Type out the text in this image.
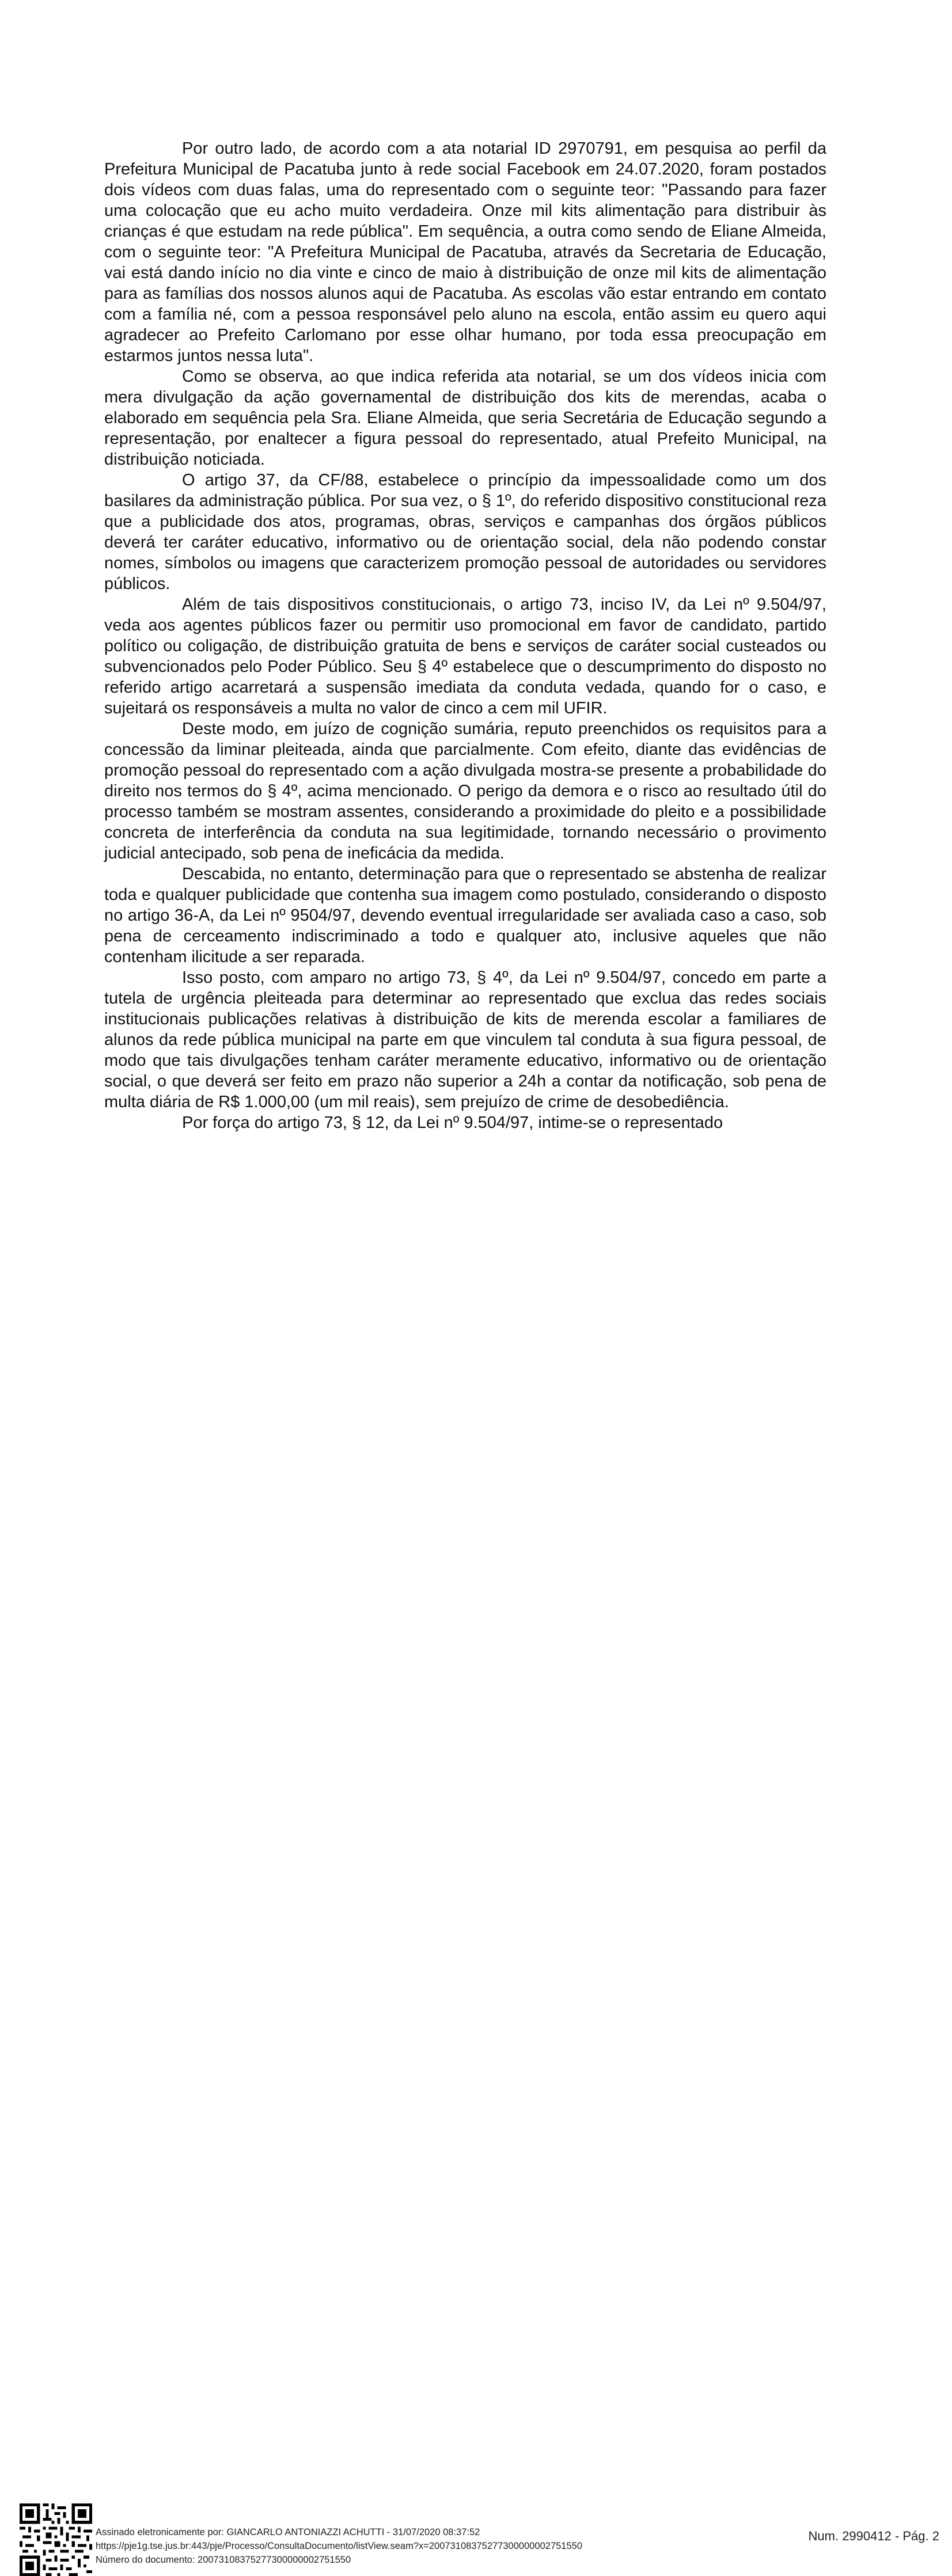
Por outro lado, de acordo com a ata notarial ID 2970791, em pesquisa ao perfil da Prefeitura Municipal de Pacatuba junto à rede social Facebook em 24.07.2020, foram postados dois vídeos com duas falas, uma do representado com o seguinte teor: "Passando para fazer uma colocação que eu acho muito verdadeira. Onze mil kits alimentação para distribuir às crianças é que estudam na rede pública". Em sequência, a outra como sendo de Eliane Almeida, com o seguinte teor: "A Prefeitura Municipal de Pacatuba, através da Secretaria de Educação, vai está dando início no dia vinte e cinco de maio à distribuição de onze mil kits de alimentação para as famílias dos nossos alunos aqui de Pacatuba. As escolas vão estar entrando em contato com a família né, com a pessoa responsável pelo aluno na escola, então assim eu quero aqui agradecer ao Prefeito Carlomano por esse olhar humano, por toda essa preocupação em estarmos juntos nessa luta".

Como se observa, ao que indica referida ata notarial, se um dos vídeos inicia com mera divulgação da ação governamental de distribuição dos kits de merendas, acaba o elaborado em sequência pela Sra. Eliane Almeida, que seria Secretária de Educação segundo a representação, por enaltecer a figura pessoal do representado, atual Prefeito Municipal, na distribuição noticiada.

O artigo 37, da CF/88, estabelece o princípio da impessoalidade como um dos basilares da administração pública. Por sua vez, o § 1º, do referido dispositivo constitucional reza que a publicidade dos atos, programas, obras, serviços e campanhas dos órgãos públicos deverá ter caráter educativo, informativo ou de orientação social, dela não podendo constar nomes, símbolos ou imagens que caracterizem promoção pessoal de autoridades ou servidores públicos.

Além de tais dispositivos constitucionais, o artigo 73, inciso IV, da Lei nº 9.504/97, veda aos agentes públicos fazer ou permitir uso promocional em favor de candidato, partido político ou coligação, de distribuição gratuita de bens e serviços de caráter social custeados ou subvencionados pelo Poder Público. Seu § 4º estabelece que o descumprimento do disposto no referido artigo acarretará a suspensão imediata da conduta vedada, quando for o caso, e sujeitará os responsáveis a multa no valor de cinco a cem mil UFIR.

Deste modo, em juízo de cognição sumária, reputo preenchidos os requisitos para a concessão da liminar pleiteada, ainda que parcialmente. Com efeito, diante das evidências de promoção pessoal do representado com a ação divulgada mostra-se presente a probabilidade do direito nos termos do § 4º, acima mencionado. O perigo da demora e o risco ao resultado útil do processo também se mostram assentes, considerando a proximidade do pleito e a possibilidade concreta de interferência da conduta na sua legitimidade, tornando necessário o provimento judicial antecipado, sob pena de ineficácia da medida.

Descabida, no entanto, determinação para que o representado se abstenha de realizar toda e qualquer publicidade que contenha sua imagem como postulado, considerando o disposto no artigo 36-A, da Lei nº 9504/97, devendo eventual irregularidade ser avaliada caso a caso, sob pena de cerceamento indiscriminado a todo e qualquer ato, inclusive aqueles que não contenham ilicitude a ser reparada.

Isso posto, com amparo no artigo 73, § 4º, da Lei nº 9.504/97, concedo em parte a tutela de urgência pleiteada para determinar ao representado que exclua das redes sociais institucionais publicações relativas à distribuição de kits de merenda escolar a familiares de alunos da rede pública municipal na parte em que vinculem tal conduta à sua figura pessoal, de modo que tais divulgações tenham caráter meramente educativo, informativo ou de orientação social, o que deverá ser feito em prazo não superior a 24h a contar da notificação, sob pena de multa diária de R$ 1.000,00 (um mil reais), sem prejuízo de crime de desobediência.

Por força do artigo 73, § 12, da Lei nº 9.504/97, intime-se o representado

Assinado eletronicamente por: GIANCARLO ANTONIAZZI ACHUTTI - 31/07/2020 08:37:52
https://pje1g.tse.jus.br:443/pje/Processo/ConsultaDocumento/listView.seam?x=20073108375277300000002751550
Número do documento: 20073108375277300000002751550
Num. 2990412 - Pág. 2
